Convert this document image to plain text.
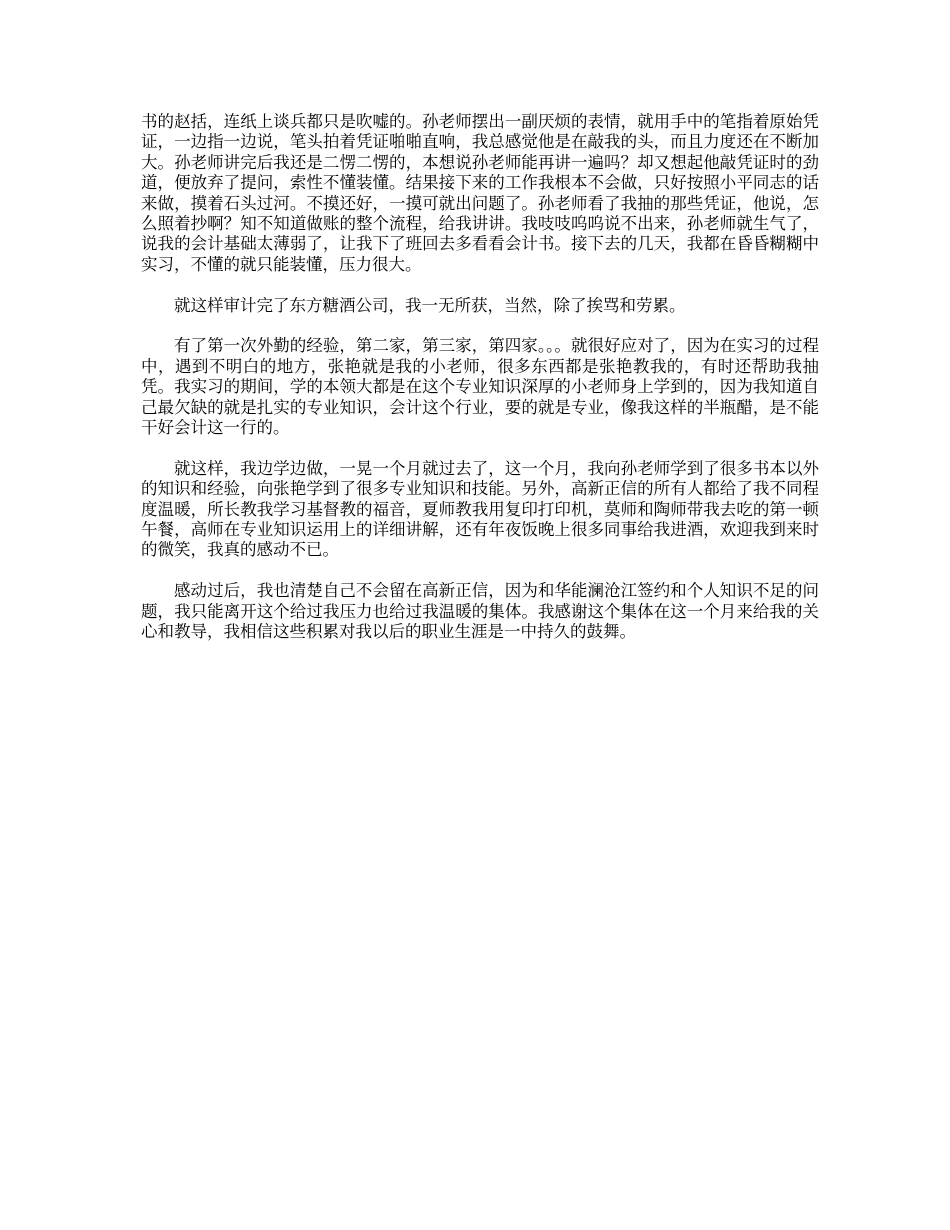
书的赵括，连纸上谈兵都只是吹嘘的。孙老师摆出一副厌烦的表情，就用手中的笔指着原始凭证，一边指一边说，笔头拍着凭证啪啪直响，我总感觉他是在敲我的头，而且力度还在不断加大。孙老师讲完后我还是二愣二愣的，本想说孙老师能再讲一遍吗？却又想起他敲凭证时的劲道，便放弃了提问，索性不懂装懂。结果接下来的工作我根本不会做，只好按照小平同志的话来做，摸着石头过河。不摸还好，一摸可就出问题了。孙老师看了我抽的那些凭证，他说，怎么照着抄啊？知不知道做账的整个流程，给我讲讲。我吱吱呜呜说不出来，孙老师就生气了，说我的会计基础太薄弱了，让我下了班回去多看看会计书。接下去的几天，我都在昏昏糊糊中实习，不懂的就只能装懂，压力很大。

就这样审计完了东方糖酒公司，我一无所获，当然，除了挨骂和劳累。

有了第一次外勤的经验，第二家，第三家，第四家。。。就很好应对了，因为在实习的过程中，遇到不明白的地方，张艳就是我的小老师，很多东西都是张艳教我的，有时还帮助我抽凭。我实习的期间，学的本领大都是在这个专业知识深厚的小老师身上学到的，因为我知道自己最欠缺的就是扎实的专业知识，会计这个行业，要的就是专业，像我这样的半瓶醋，是不能干好会计这一行的。

就这样，我边学边做，一晃一个月就过去了，这一个月，我向孙老师学到了很多书本以外的知识和经验，向张艳学到了很多专业知识和技能。另外，高新正信的所有人都给了我不同程度温暖，所长教我学习基督教的福音，夏师教我用复印打印机，莫师和陶师带我去吃的第一顿午餐，高师在专业知识运用上的详细讲解，还有年夜饭晚上很多同事给我进酒，欢迎我到来时的微笑，我真的感动不已。

感动过后，我也清楚自己不会留在高新正信，因为和华能澜沧江签约和个人知识不足的问题，我只能离开这个给过我压力也给过我温暖的集体。我感谢这个集体在这一个月来给我的关心和教导，我相信这些积累对我以后的职业生涯是一中持久的鼓舞。
